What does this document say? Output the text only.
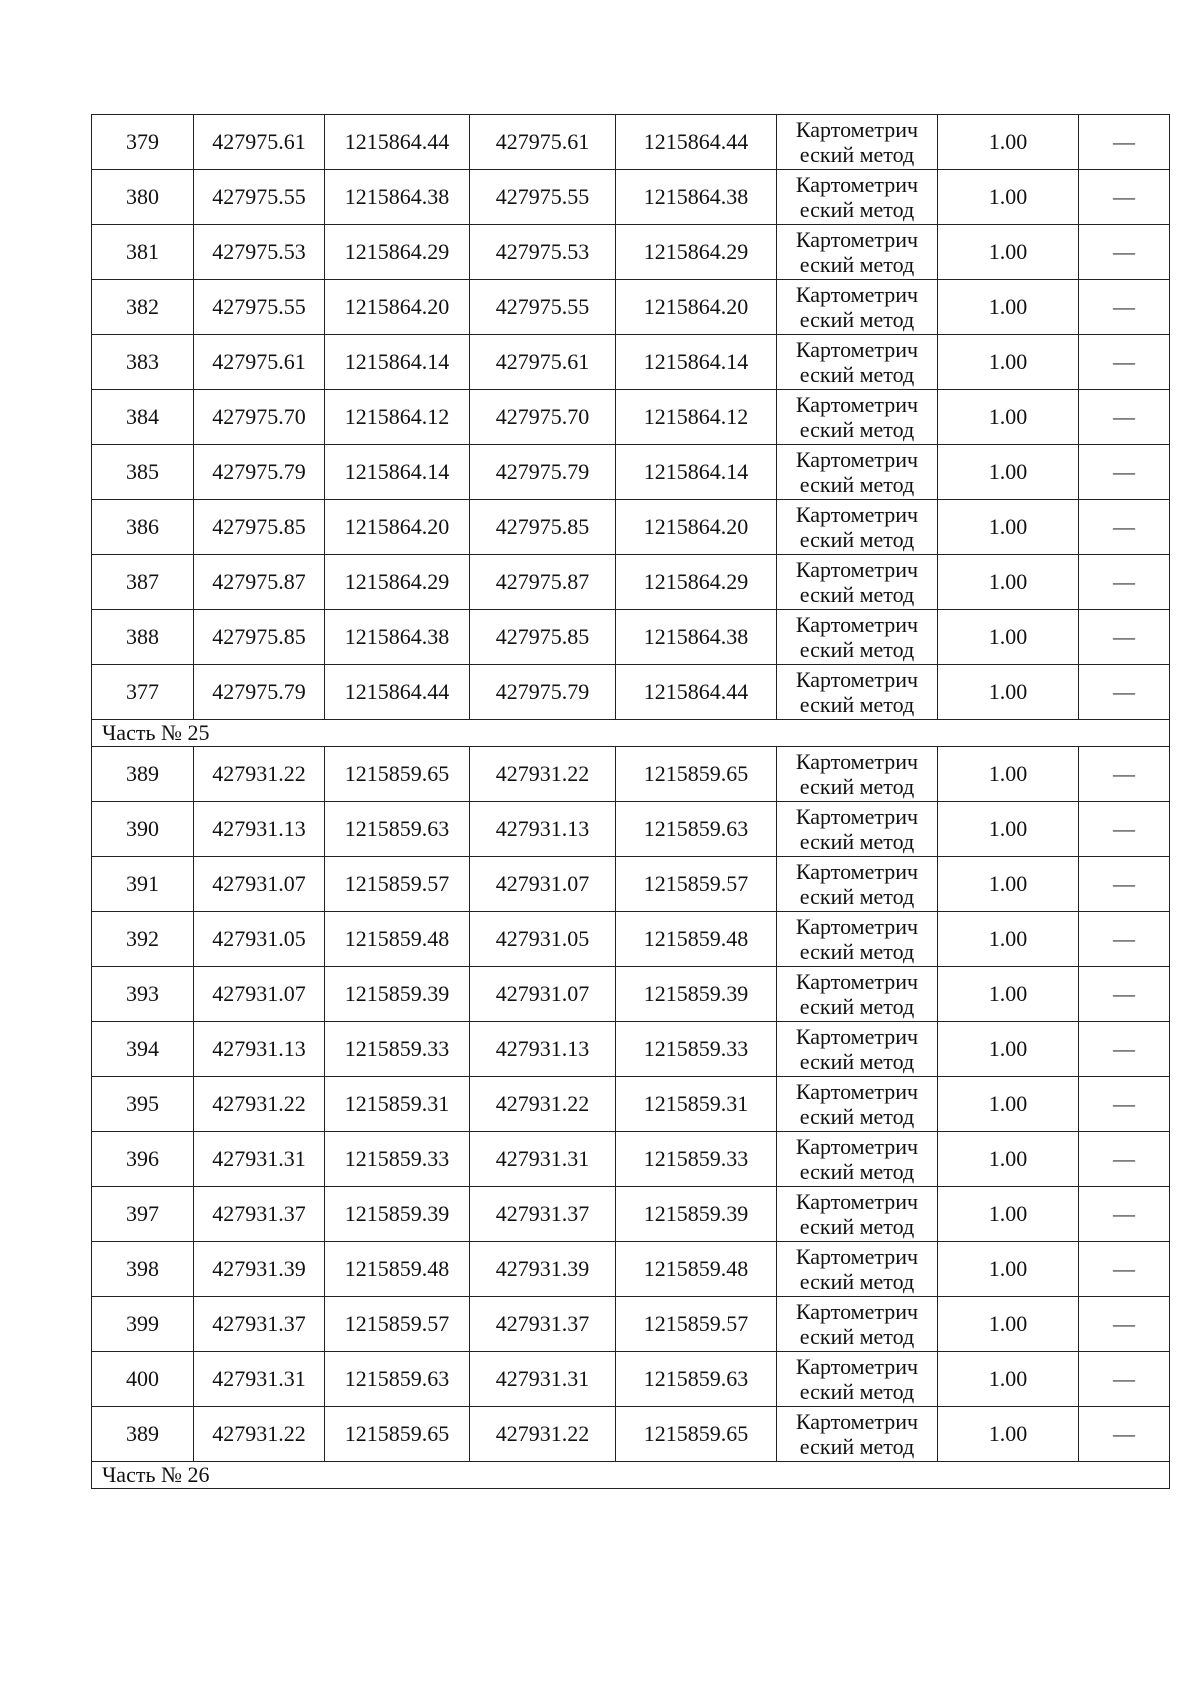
379	427975.61	1215864.44	427975.61	1215864.44	Картометрич
еский метод	1.00	—
380	427975.55	1215864.38	427975.55	1215864.38	Картометрич
еский метод	1.00	—
381	427975.53	1215864.29	427975.53	1215864.29	Картометрич
еский метод	1.00	—
382	427975.55	1215864.20	427975.55	1215864.20	Картометрич
еский метод	1.00	—
383	427975.61	1215864.14	427975.61	1215864.14	Картометрич
еский метод	1.00	—
384	427975.70	1215864.12	427975.70	1215864.12	Картометрич
еский метод	1.00	—
385	427975.79	1215864.14	427975.79	1215864.14	Картометрич
еский метод	1.00	—
386	427975.85	1215864.20	427975.85	1215864.20	Картометрич
еский метод	1.00	—
387	427975.87	1215864.29	427975.87	1215864.29	Картометрич
еский метод	1.00	—
388	427975.85	1215864.38	427975.85	1215864.38	Картометрич
еский метод	1.00	—
377	427975.79	1215864.44	427975.79	1215864.44	Картометрич
еский метод	1.00	—
Часть № 25							
389	427931.22	1215859.65	427931.22	1215859.65	Картометрич
еский метод	1.00	—
390	427931.13	1215859.63	427931.13	1215859.63	Картометрич
еский метод	1.00	—
391	427931.07	1215859.57	427931.07	1215859.57	Картометрич
еский метод	1.00	—
392	427931.05	1215859.48	427931.05	1215859.48	Картометрич
еский метод	1.00	—
393	427931.07	1215859.39	427931.07	1215859.39	Картометрич
еский метод	1.00	—
394	427931.13	1215859.33	427931.13	1215859.33	Картометрич
еский метод	1.00	—
395	427931.22	1215859.31	427931.22	1215859.31	Картометрич
еский метод	1.00	—
396	427931.31	1215859.33	427931.31	1215859.33	Картометрич
еский метод	1.00	—
397	427931.37	1215859.39	427931.37	1215859.39	Картометрич
еский метод	1.00	—
398	427931.39	1215859.48	427931.39	1215859.48	Картометрич
еский метод	1.00	—
399	427931.37	1215859.57	427931.37	1215859.57	Картометрич
еский метод	1.00	—
400	427931.31	1215859.63	427931.31	1215859.63	Картометрич
еский метод	1.00	—
389	427931.22	1215859.65	427931.22	1215859.65	Картометрич
еский метод	1.00	—
Часть № 26							
